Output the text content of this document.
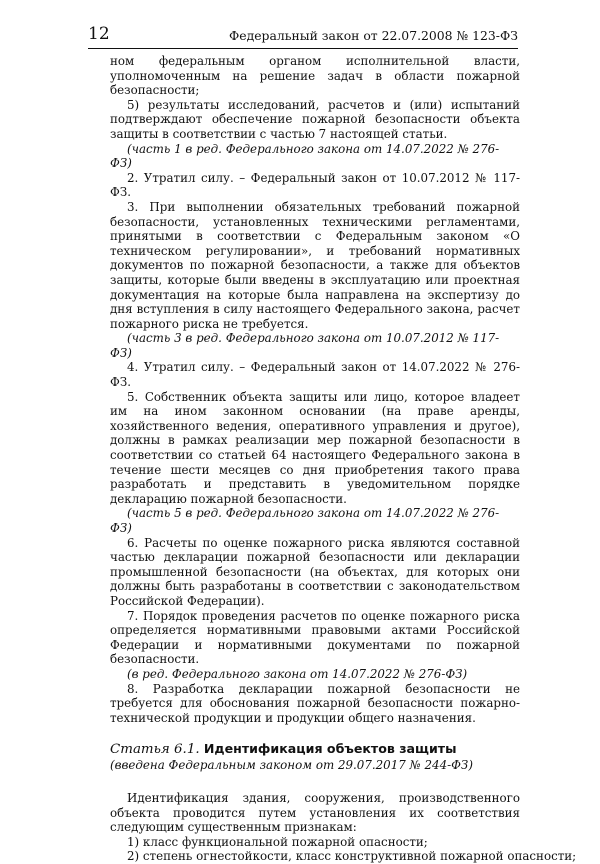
12	Федеральный закон от 22.07.2008 № 123-ФЗ

ном федеральным органом исполнительной власти, уполномоченным на решение задач в области пожарной безопасности;

5) результаты исследований, расчетов и (или) испытаний подтверждают обеспечение пожарной безопасности объекта защиты в соответствии с частью 7 настоящей статьи.

(часть 1 в ред. Федерального закона от 14.07.2022 № 276-ФЗ)

2. Утратил силу. – Федеральный закон от 10.07.2012 № 117-ФЗ.

3. При выполнении обязательных требований пожарной безопасности, установленных техническими регламентами, принятыми в соответствии с Федеральным законом «О техническом регулировании», и требований нормативных документов по пожарной безопасности, а также для объектов защиты, которые были введены в эксплуатацию или проектная документация на которые была направлена на экспертизу до дня вступления в силу настоящего Федерального закона, расчет пожарного риска не требуется.

(часть 3 в ред. Федерального закона от 10.07.2012 № 117-ФЗ)

4. Утратил силу. – Федеральный закон от 14.07.2022 № 276-ФЗ.

5. Собственник объекта защиты или лицо, которое владеет им на ином законном основании (на праве аренды, хозяйственного ведения, оперативного управления и другое), должны в рамках реализации мер пожарной безопасности в соответствии со статьей 64 настоящего Федерального закона в течение шести месяцев со дня приобретения такого права разработать и представить в уведомительном порядке декларацию пожарной безопасности.

(часть 5 в ред. Федерального закона от 14.07.2022 № 276-ФЗ)

6. Расчеты по оценке пожарного риска являются составной частью декларации пожарной безопасности или декларации промышленной безопасности (на объектах, для которых они должны быть разработаны в соответствии с законодательством Российской Федерации).

7. Порядок проведения расчетов по оценке пожарного риска определяется нормативными правовыми актами Российской Федерации и нормативными документами по пожарной безопасности.

(в ред. Федерального закона от 14.07.2022 № 276-ФЗ)

8. Разработка декларации пожарной безопасности не требуется для обоснования пожарной безопасности пожарно-технической продукции и продукции общего назначения.

Статья 6.1. Идентификация объектов защиты

(введена Федеральным законом от 29.07.2017 № 244-ФЗ)

Идентификация здания, сооружения, производственного объекта проводится путем установления их соответствия следующим существенным признакам:

1) класс функциональной пожарной опасности;

2) степень огнестойкости, класс конструктивной пожарной опасности;
